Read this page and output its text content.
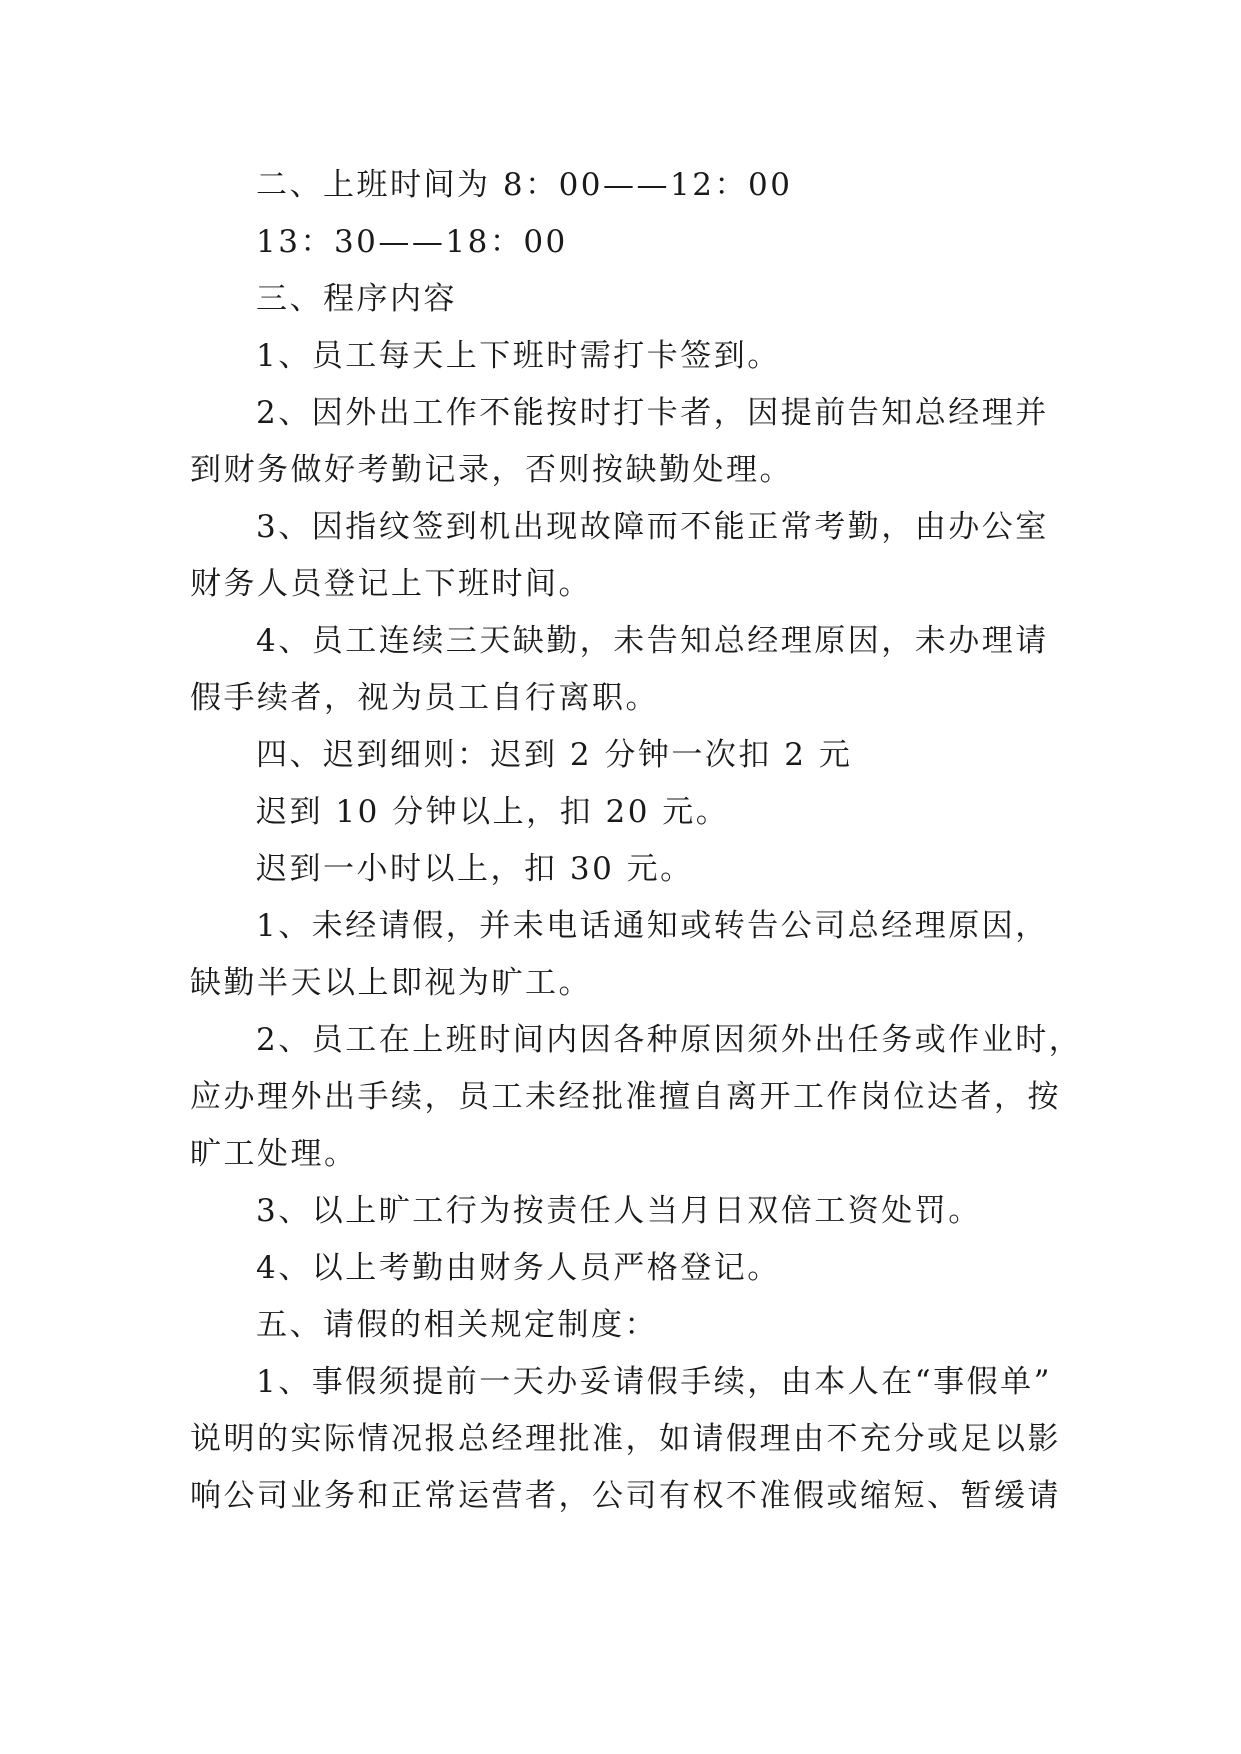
二、上班时间为 8：00——12：00
13：30——18：00
三、程序内容
1、员工每天上下班时需打卡签到。
2、因外出工作不能按时打卡者，因提前告知总经理并
到财务做好考勤记录，否则按缺勤处理。
3、因指纹签到机出现故障而不能正常考勤，由办公室
财务人员登记上下班时间。
4、员工连续三天缺勤，未告知总经理原因，未办理请
假手续者，视为员工自行离职。
四、迟到细则：迟到 2 分钟一次扣 2 元
迟到 10 分钟以上，扣 20 元。
迟到一小时以上，扣 30 元。
1、未经请假，并未电话通知或转告公司总经理原因，
缺勤半天以上即视为旷工。
2、员工在上班时间内因各种原因须外出任务或作业时，
应办理外出手续，员工未经批准擅自离开工作岗位达者，按
旷工处理。
3、以上旷工行为按责任人当月日双倍工资处罚。
4、以上考勤由财务人员严格登记。
五、请假的相关规定制度：
1、事假须提前一天办妥请假手续，由本人在“事假单”
说明的实际情况报总经理批准，如请假理由不充分或足以影
响公司业务和正常运营者，公司有权不准假或缩短、暂缓请
